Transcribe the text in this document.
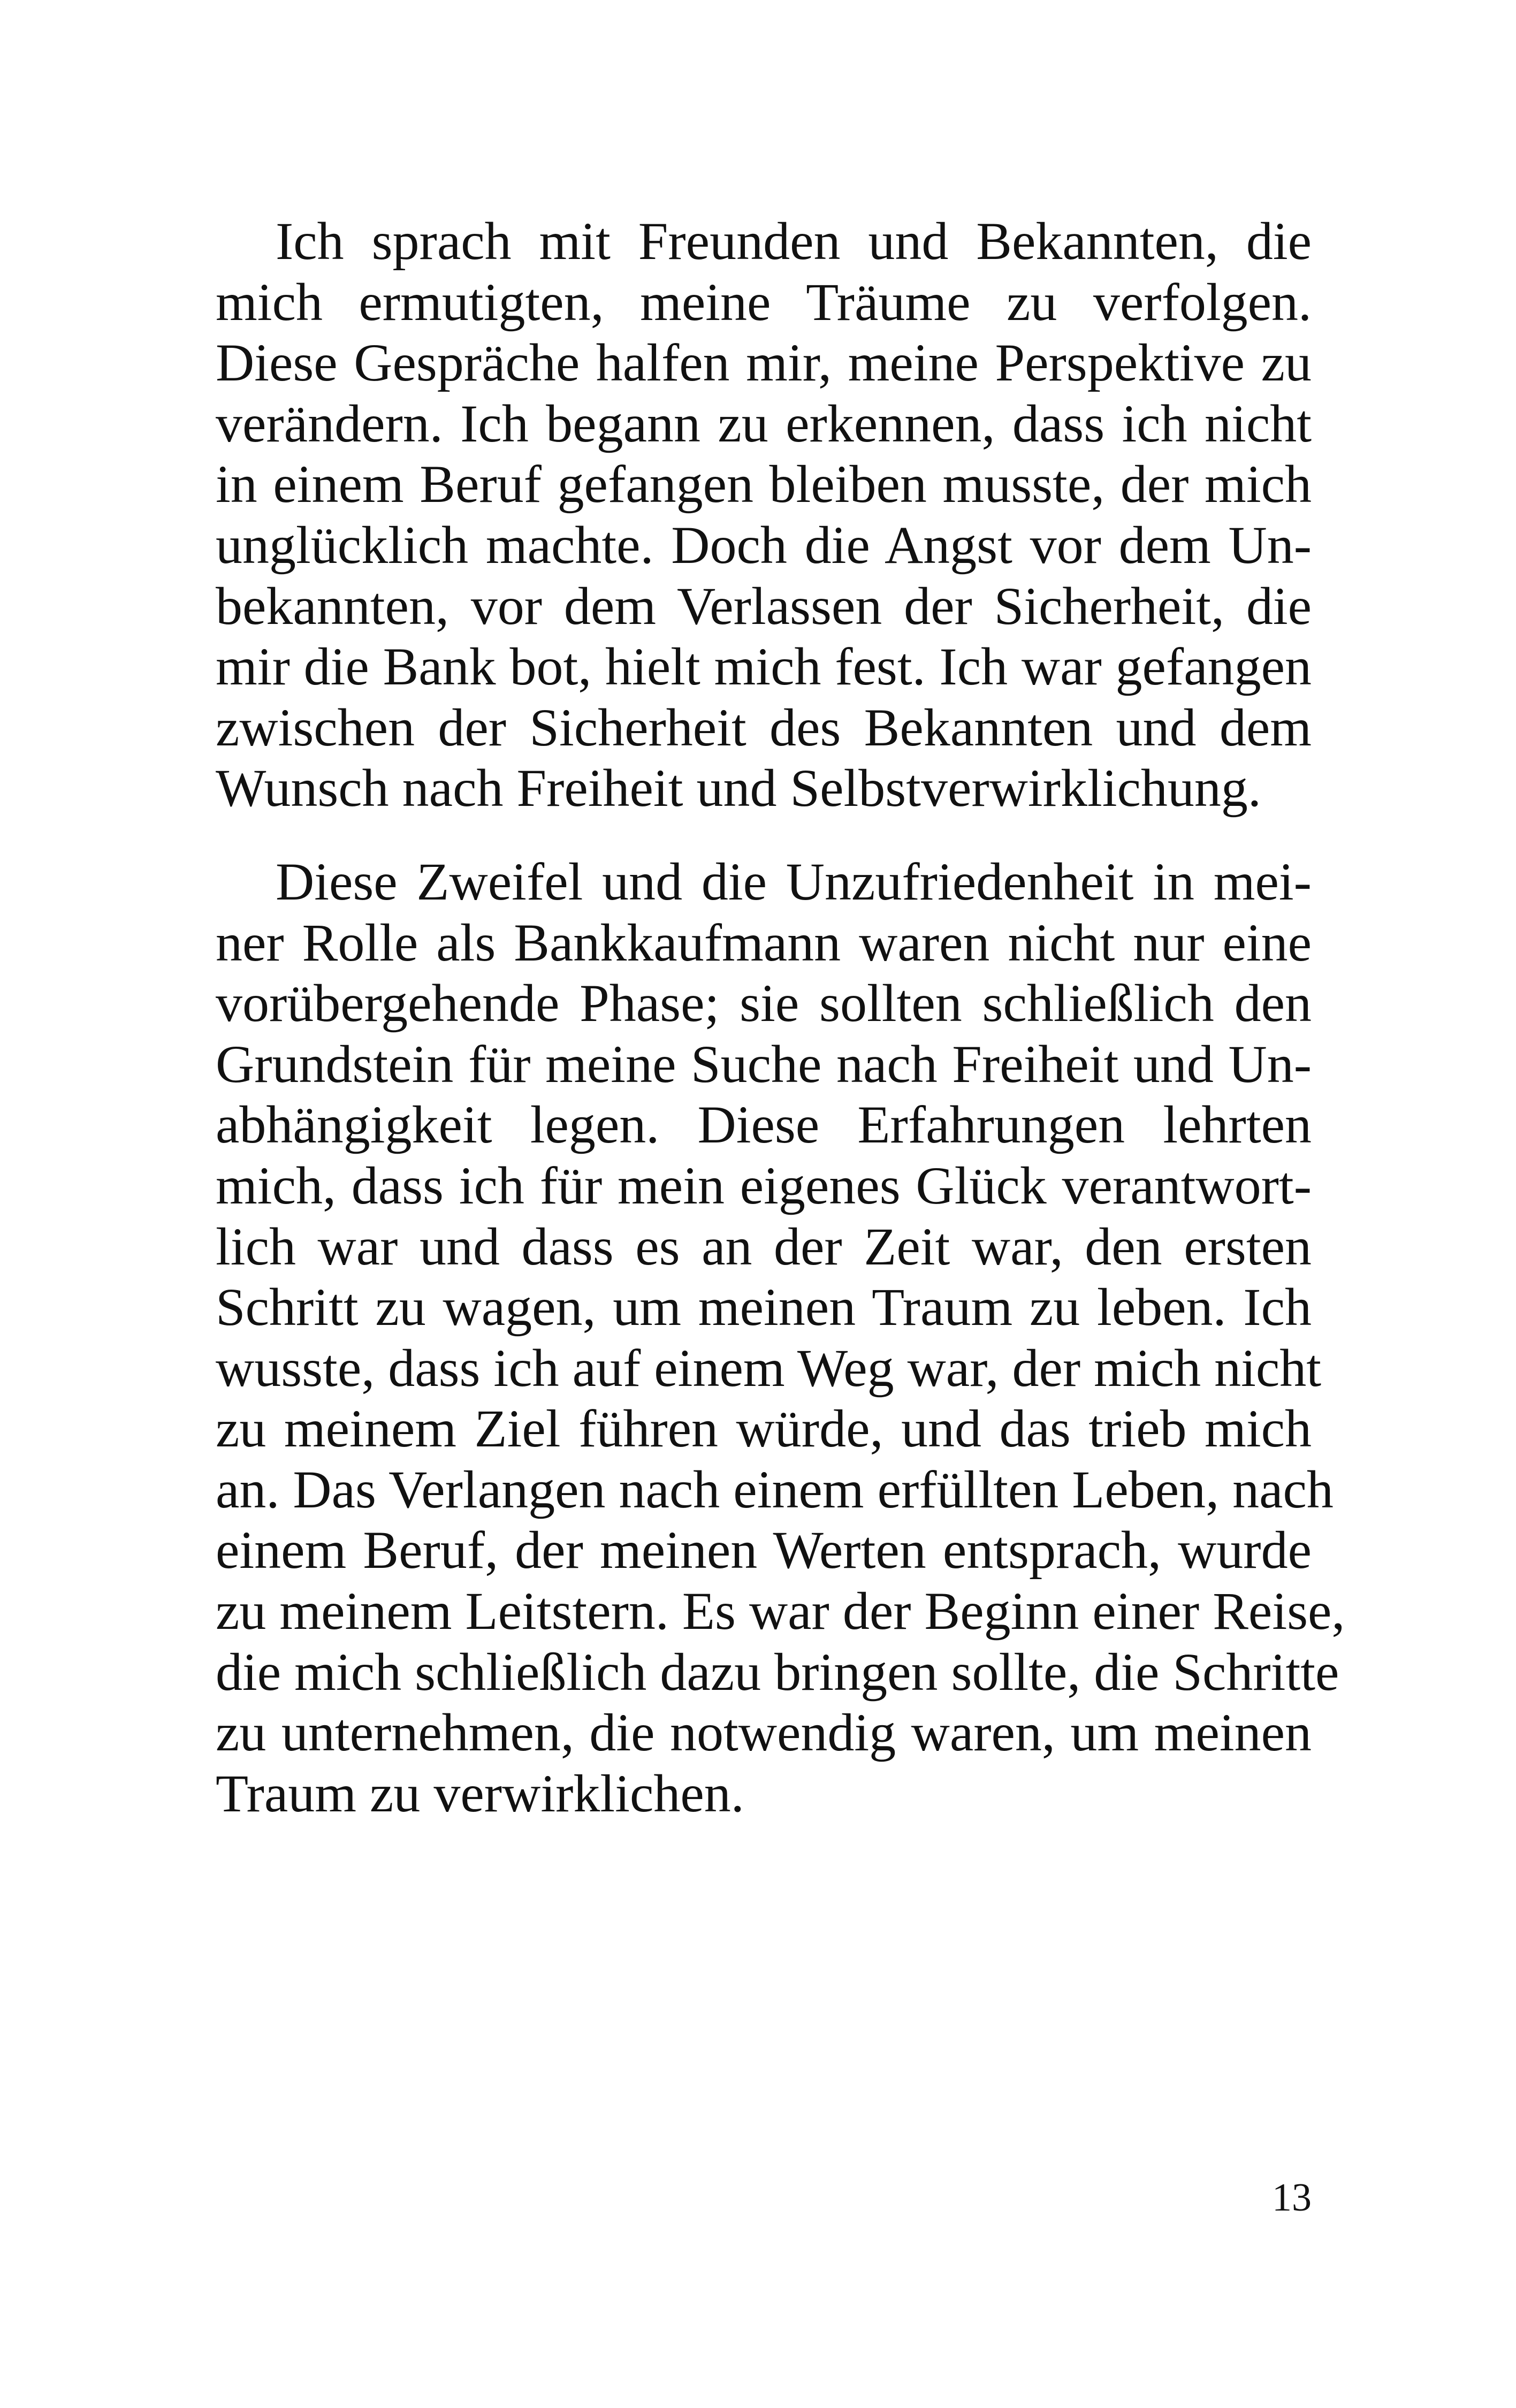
Ich sprach mit Freunden und Bekannten, die
mich ermutigten, meine Träume zu verfolgen.
Diese Gespräche halfen mir, meine Perspektive zu
verändern. Ich begann zu erkennen, dass ich nicht
in einem Beruf gefangen bleiben musste, der mich
unglücklich machte. Doch die Angst vor dem Un-
bekannten, vor dem Verlassen der Sicherheit, die
mir die Bank bot, hielt mich fest. Ich war gefangen
zwischen der Sicherheit des Bekannten und dem
Wunsch nach Freiheit und Selbstverwirklichung.

Diese Zweifel und die Unzufriedenheit in mei-
ner Rolle als Bankkaufmann waren nicht nur eine
vorübergehende Phase; sie sollten schließlich den
Grundstein für meine Suche nach Freiheit und Un-
abhängigkeit legen. Diese Erfahrungen lehrten
mich, dass ich für mein eigenes Glück verantwort-
lich war und dass es an der Zeit war, den ersten
Schritt zu wagen, um meinen Traum zu leben. Ich
wusste, dass ich auf einem Weg war, der mich nicht
zu meinem Ziel führen würde, und das trieb mich
an. Das Verlangen nach einem erfüllten Leben, nach
einem Beruf, der meinen Werten entsprach, wurde
zu meinem Leitstern. Es war der Beginn einer Reise,
die mich schließlich dazu bringen sollte, die Schritte
zu unternehmen, die notwendig waren, um meinen
Traum zu verwirklichen.

13
